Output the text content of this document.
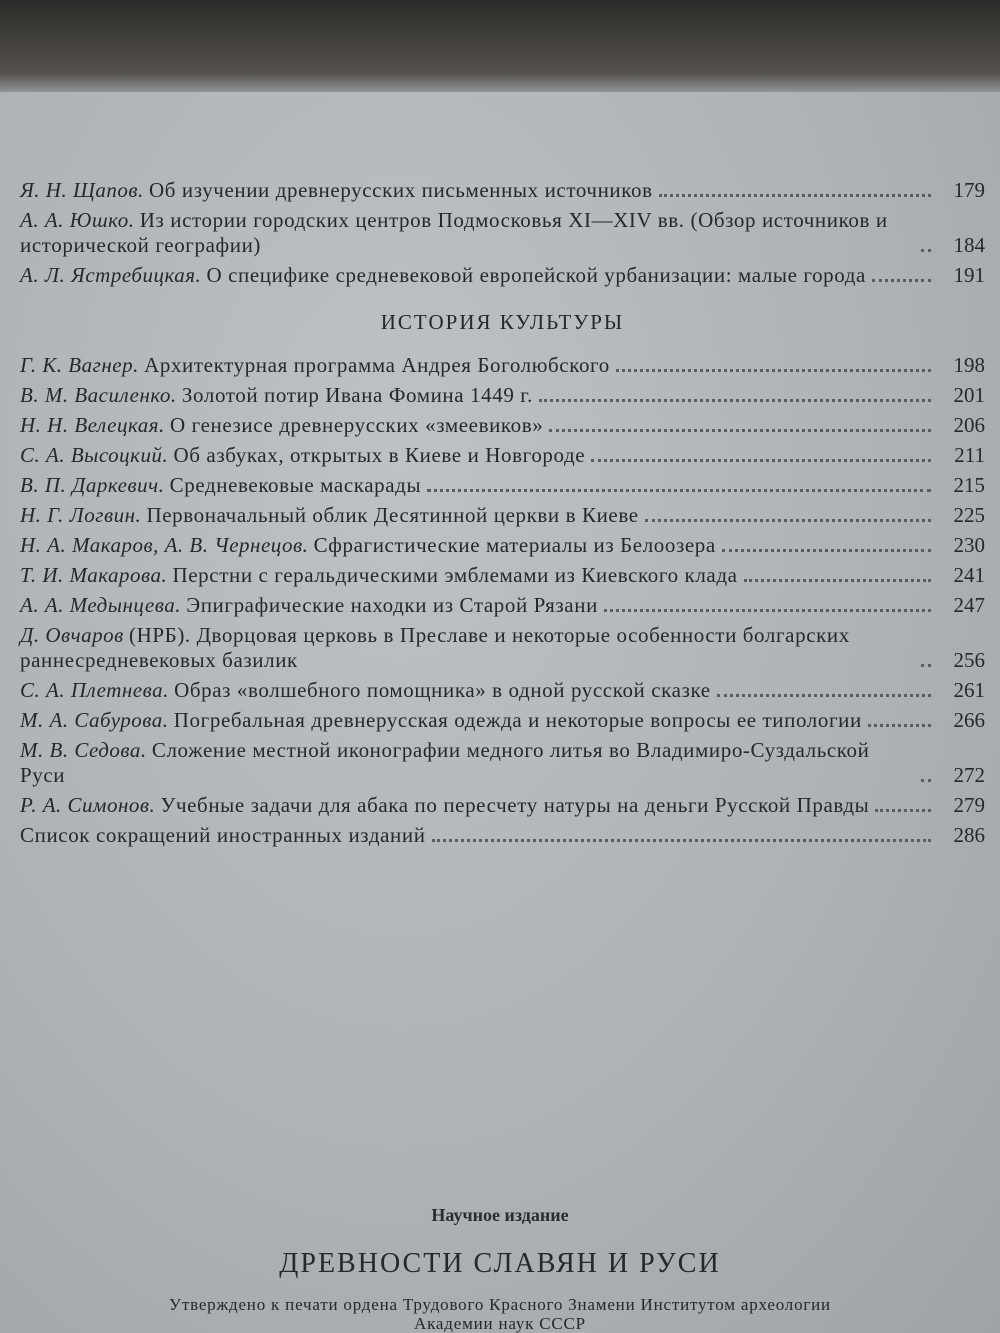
Я. Н. Щапов. Об изучении древнерусских письменных источников	179
А. А. Юшко. Из истории городских центров Подмосковья XI—XIV вв. (Обзор источников и исторической географии)	184
А. Л. Ястребицкая. О специфике средневековой европейской урбанизации: малые города	191
ИСТОРИЯ КУЛЬТУРЫ
Г. К. Вагнер. Архитектурная программа Андрея Боголюбского	198
В. М. Василенко. Золотой потир Ивана Фомина 1449 г.	201
Н. Н. Велецкая. О генезисе древнерусских «змеевиков»	206
С. А. Высоцкий. Об азбуках, открытых в Киеве и Новгороде	211
В. П. Даркевич. Средневековые маскарады	215
Н. Г. Логвин. Первоначальный облик Десятинной церкви в Киеве	225
Н. А. Макаров, А. В. Чернецов. Сфрагистические материалы из Белоозера	230
Т. И. Макарова. Перстни с геральдическими эмблемами из Киевского клада	241
А. А. Медынцева. Эпиграфические находки из Старой Рязани	247
Д. Овчаров (НРБ). Дворцовая церковь в Преславе и некоторые особенности болгарских раннесредневековых базилик	256
С. А. Плетнева. Образ «волшебного помощника» в одной русской сказке	261
М. А. Сабурова. Погребальная древнерусская одежда и некоторые вопросы ее типологии	266
М. В. Седова. Сложение местной иконографии медного литья во Владимиро-Суздальской Руси	272
Р. А. Симонов. Учебные задачи для абака по пересчету натуры на деньги Русской Правды	279
Список сокращений иностранных изданий	286
Научное издание
ДРЕВНОСТИ СЛАВЯН И РУСИ
Утверждено к печати ордена Трудового Красного Знамени Институтом археологии
Академии наук СССР
